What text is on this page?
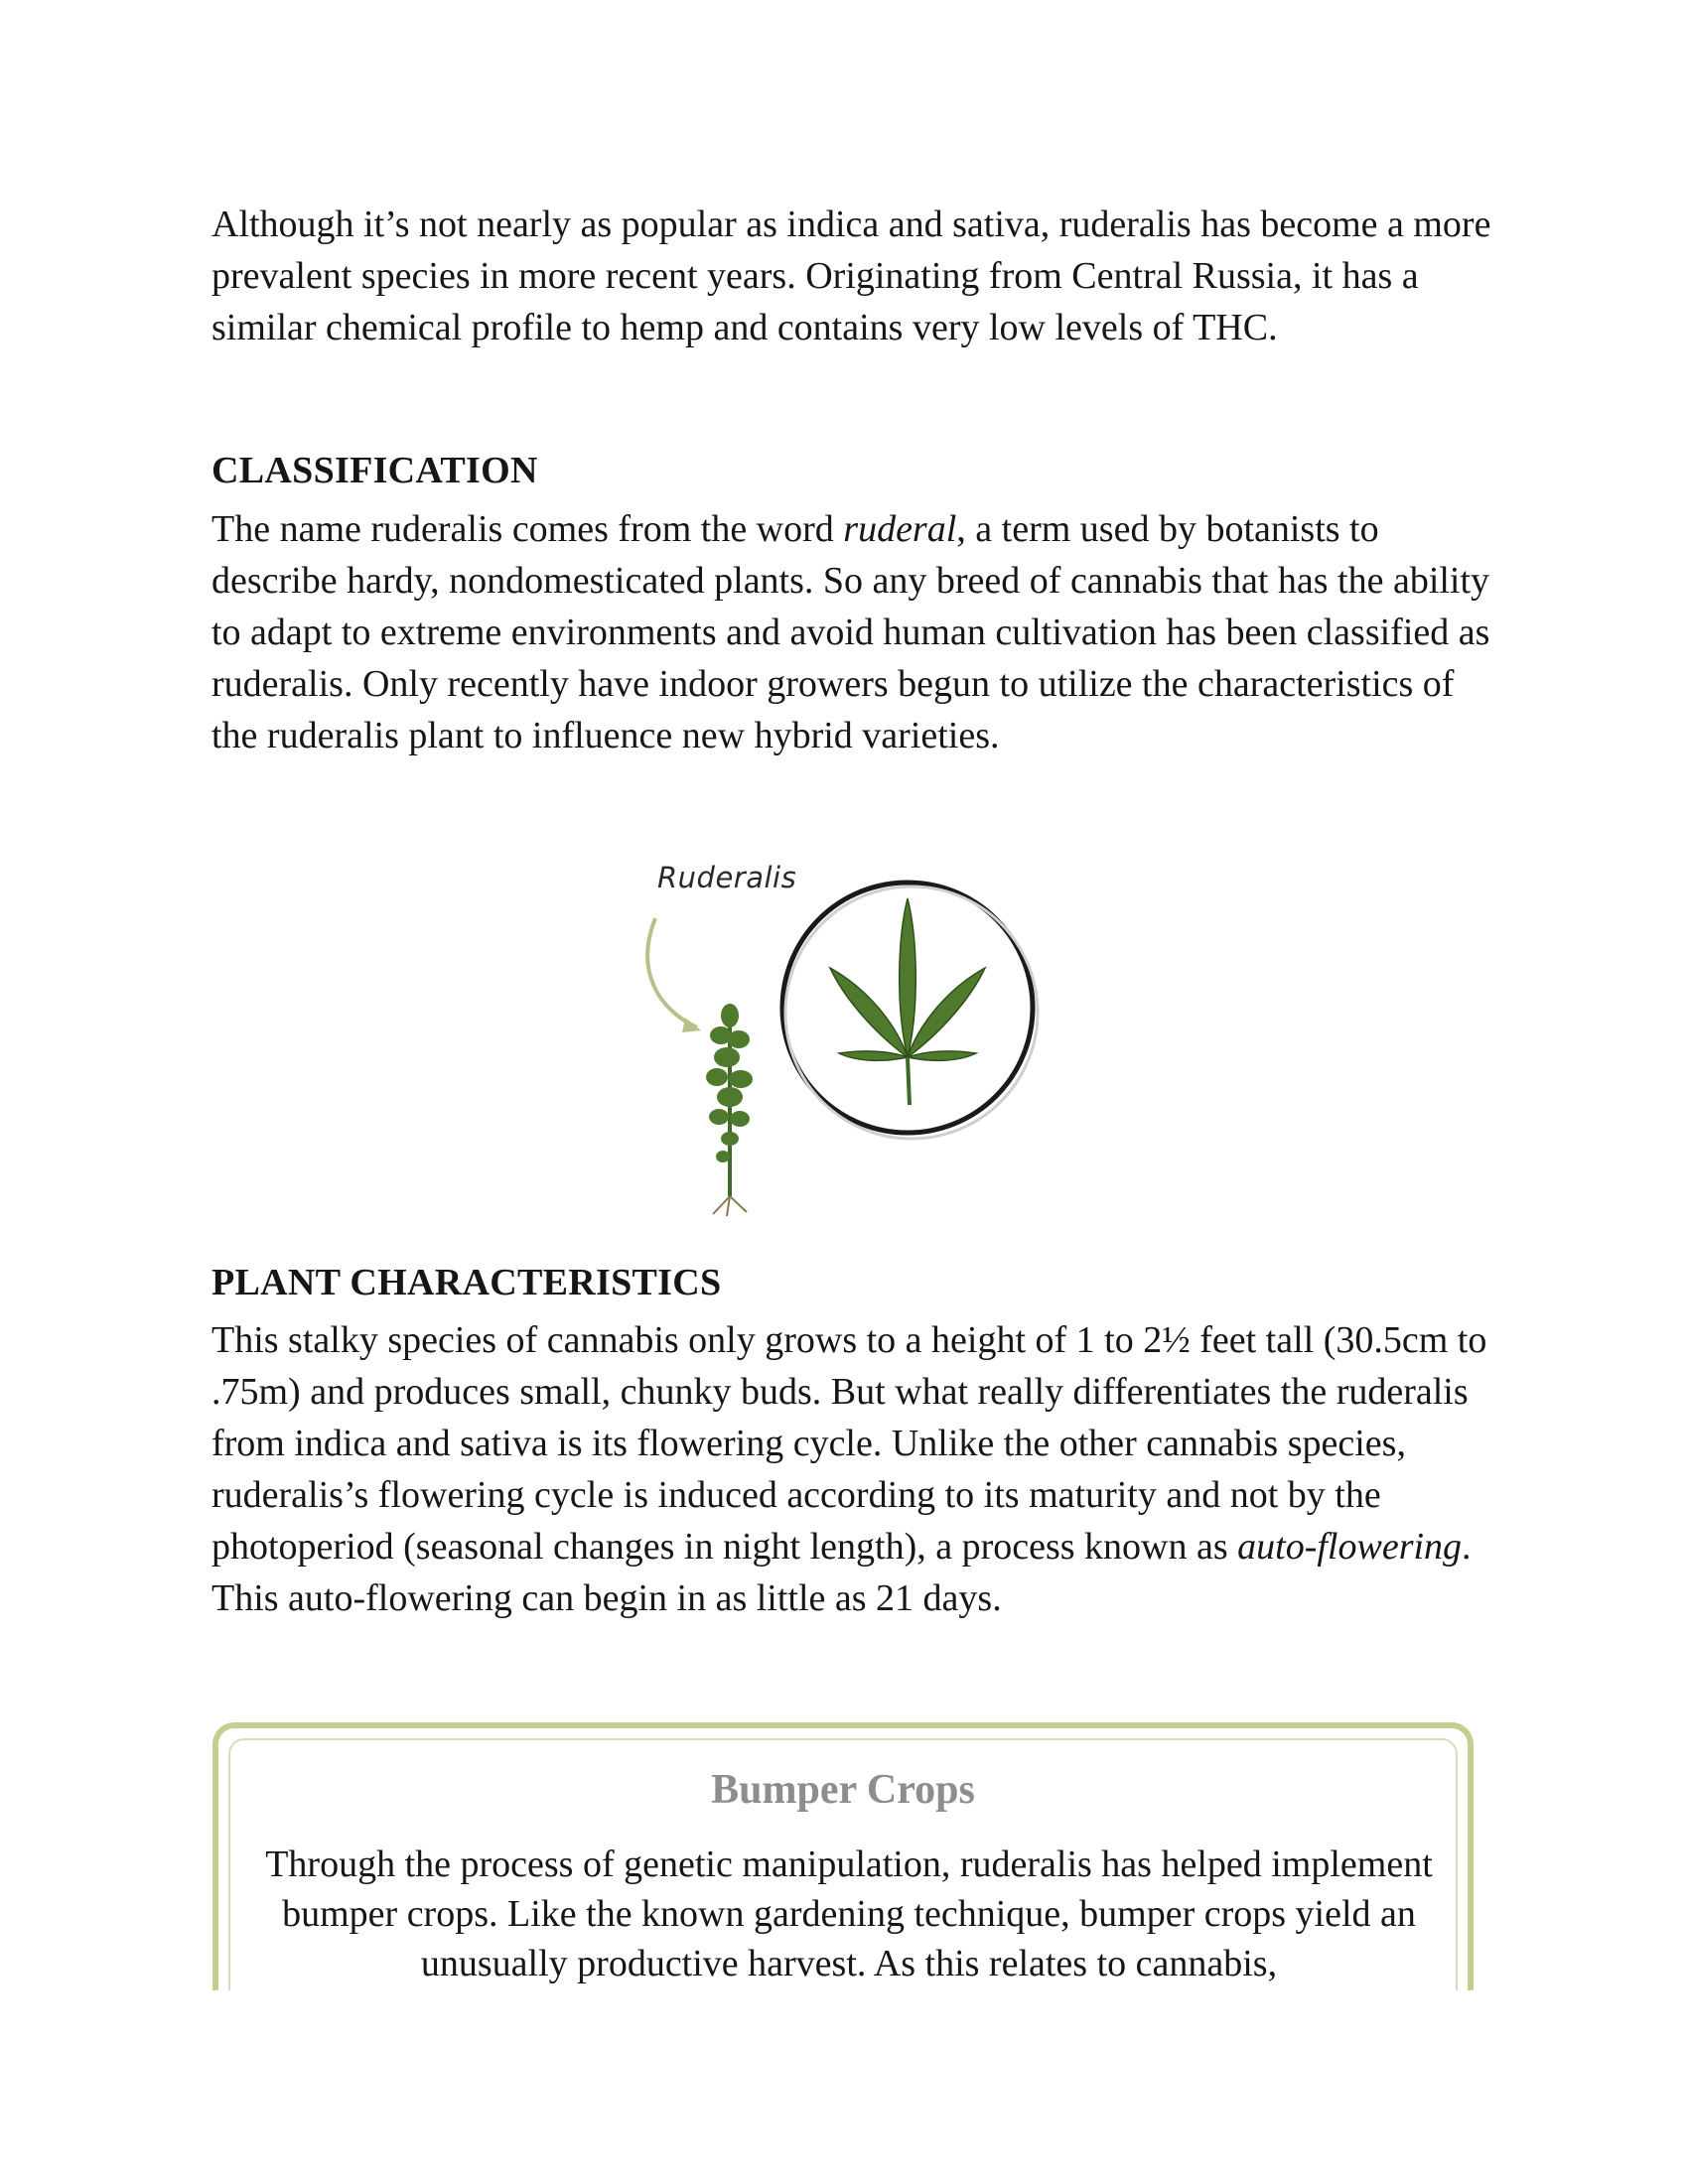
Although it’s not nearly as popular as indica and sativa, ruderalis has become a more prevalent species in more recent years. Originating from Central Russia, it has a similar chemical profile to hemp and contains very low levels of THC.

CLASSIFICATION

The name ruderalis comes from the word ruderal, a term used by botanists to describe hardy, nondomesticated plants. So any breed of cannabis that has the ability to adapt to extreme environments and avoid human cultivation has been classified as ruderalis. Only recently have indoor growers begun to utilize the characteristics of the ruderalis plant to influence new hybrid varieties.

Ruderalis
PLANT CHARACTERISTICS

This stalky species of cannabis only grows to a height of 1 to 2½ feet tall (30.5cm to .75m) and produces small, chunky buds. But what really differentiates the ruderalis from indica and sativa is its flowering cycle. Unlike the other cannabis species, ruderalis’s flowering cycle is induced according to its maturity and not by the photoperiod (seasonal changes in night length), a process known as auto-flowering. This auto-flowering can begin in as little as 21 days.

Bumper Crops

Through the process of genetic manipulation, ruderalis has helped implement bumper crops. Like the known gardening technique, bumper crops yield an unusually productive harvest. As this relates to cannabis,
